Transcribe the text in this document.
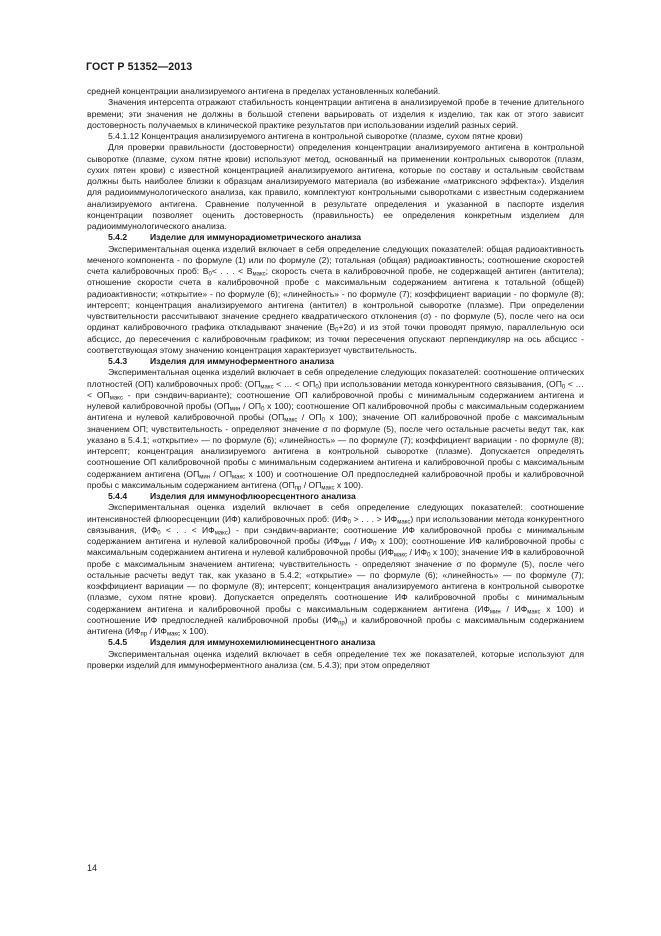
ГОСТ Р 51352—2013

средней концентрации анализируемого антигена в пределах установленных колебаний.

Значения интерсепта отражают стабильность концентрации антигена в анализируемой пробе в течение длительного времени; эти значения не должны в большой степени варьировать от изделия к изделию, так как от этого зависит достоверность получаемых в клинической практике результатов при использовании изделий разных серий.

5.4.1.12 Концентрация анализируемого антигена в контрольной сыворотке (плазме, сухом пятне крови)

Для проверки правильности (достоверности) определения концентрации анализируемого антигена в контрольной сыворотке (плазме, сухом пятне крови) используют метод, основанный на применении контрольных сывороток (плазм, сухих пятен крови) с известной концентрацией анализируемого антигена, которые по составу и остальным свойствам должны быть наиболее близки к образцам анализируемого материала (во избежание «матриксного эффекта»). Изделия для радиоиммунологического анализа, как правило, комплектуют контрольными сыворотками с известным содержанием анализируемого антигена. Сравнение полученной в результате определения и указанной в паспорте изделия концентрации позволяет оценить достоверность (правильность) ее определения конкретным изделием для радиоиммунологического анализа.

5.4.2	Изделие для иммунорадиометрического анализа

Экспериментальная оценка изделий включает в себя определение следующих показателей: общая радиоактивность меченого компонента - по формуле (1) или по формуле (2); тотальная (общая) радиоактивность; соотношение скоростей счета калибровочных проб: $В_0<$ . . . < $В_{макс}$; скорость счета в калибровочной пробе, не содержащей антиген (антитела); отношение скорости счета в калибровочной пробе с максимальным содержанием антигена к тотальной (общей) радиоактивности; «открытие» - по формуле (6); «линейность» - по формуле (7); коэффициент вариации - по формуле (8); интерсепт; концентрация анализируемого антигена (антител) в контрольной сыворотке (плазме). При определении чувствительности рассчитывают значение среднего квадратического отклонения (σ) - по формуле (5), после чего на оси ординат калибровочного графика откладывают значение $(В_0+2\sigma)$ и из этой точки проводят прямую, параллельную оси абсцисс, до пересечения с калибровочным графиком; из точки пересечения опускают перпендикуляр на ось абсцисс - соответствующая этому значению концентрация характеризует чувствительность.

5.4.3	Изделия для иммуноферментного анализа

Экспериментальная оценка изделий включает в себя определение следующих показателей: соотношение оптических плотностей (ОП) калибровочных проб: ($ОП_{макс}$ < … < $ОП_0$) при использовании метода конкурентного связывания, ($ОП_0$ < … < $ОП_{макс}$ - при сэндвич-варианте); соотношение ОП калибровочной пробы с минимальным содержанием антигена и нулевой калибровочной пробы ($ОП_{мин} / ОП_0$ х 100); соотношение ОП калибровочной пробы с максимальным содержанием антигена и нулевой калибровочной пробы ($ОП_{макс} / ОП_0$ х 100); значение ОП калибровочной пробе с максимальным значением ОП; чувствительность - определяют значение σ по формуле (5), после чего остальные расчеты ведут так, как указано в 5.4.1; «открытие» — по формуле (6); «линейность» — по формуле (7); коэффициент вариации - по формуле (8); интерсепт; концентрация анализируемого антигена в контрольной сыворотке (плазме). Допускается определять соотношение ОП калибровочной пробы с минимальным содержанием антигена и калибровочной пробы с максимальным содержанием антигена ($ОП_{мин} / ОП_{макс}$ х 100) и соотношение ОЛ предпоследней калибровочной пробы и калибровочной пробы с максимальным содержанием антигена ($ОП_{пр} / ОП_{макс}$ х 100).

5.4.4	Изделия для иммунофлюоресцентного анализа

Экспериментальная оценка изделий включает в себя определение следующих показателей: соотношение интенсивностей флюоресценции (ИФ) калибровочных проб: ($ИФ_0$ > . . . > $ИФ_{макс}$) при использовании метода конкурентного связывания, ($ИФ_0$ < . . < $ИФ_{макс}$) - при сэндвич-варианте; соотношение ИФ калибровочной пробы с минимальным содержанием антигена и нулевой калибровочной пробы ($ИФ_{мин} / ИФ_0$ х 100); соотношение ИФ калибровочной пробы с максимальным содержанием антигена и нулевой калибровочной пробы ($ИФ_{макс} / ИФ_0$ х 100); значение ИФ в калибровочной пробе с максимальным значением антигена; чувствительность - определяют значение σ по формуле (5), после чего остальные расчеты ведут так, как указано в 5.4.2; «открытие» — по формуле (6); «линейность» — по формуле (7); коэффициент вариации — по формуле (8); интерсепт; концентрация анализируемого антигена в контрольной сыворотке (плазме, сухом пятне крови). Допускается определять соотношение ИФ калибровочной пробы с минимальным содержанием антигена и калибровочной пробы с максимальным содержанием антигена ($ИФ_{мин} / ИФ_{макс}$ х 100) и соотношение ИФ предпоследней калибровочной пробы $(ИФ_{пр})$ и калибровочной пробы с максимальным содержанием антигена ($ИФ_{пр} / ИФ_{макс}$ х 100).

5.4.5	Изделия для иммунохемилюминесцентного анализа

Экспериментальная оценка изделий включает в себя определение тех же показателей, которые используют для проверки изделий для иммуноферментного анализа (см. 5.4.3); при этом определяют

14
